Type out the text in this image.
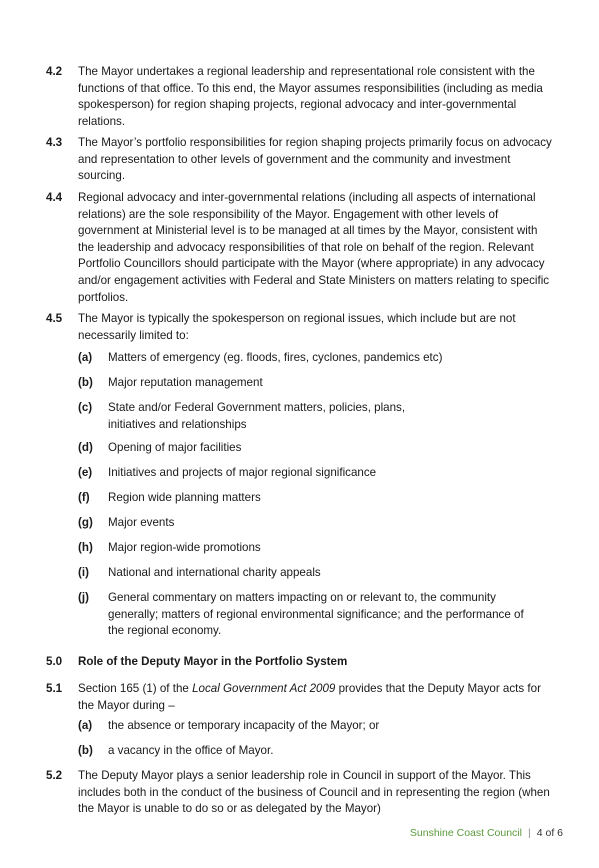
4.2	The Mayor undertakes a regional leadership and representational role consistent with the functions of that office. To this end, the Mayor assumes responsibilities (including as media spokesperson) for region shaping projects, regional advocacy and inter-governmental relations.
4.3	The Mayor’s portfolio responsibilities for region shaping projects primarily focus on advocacy and representation to other levels of government and the community and investment sourcing.
4.4	Regional advocacy and inter-governmental relations (including all aspects of international relations) are the sole responsibility of the Mayor. Engagement with other levels of government at Ministerial level is to be managed at all times by the Mayor, consistent with the leadership and advocacy responsibilities of that role on behalf of the region. Relevant Portfolio Councillors should participate with the Mayor (where appropriate) in any advocacy and/or engagement activities with Federal and State Ministers on matters relating to specific portfolios.
4.5	The Mayor is typically the spokesperson on regional issues, which include but are not necessarily limited to:
(a) Matters of emergency (eg. floods, fires, cyclones, pandemics etc)
(b) Major reputation management
(c) State and/or Federal Government matters, policies, plans, initiatives and relationships
(d) Opening of major facilities
(e) Initiatives and projects of major regional significance
(f) Region wide planning matters
(g) Major events
(h) Major region-wide promotions
(i) National and international charity appeals
(j) General commentary on matters impacting on or relevant to, the community generally; matters of regional environmental significance; and the performance of the regional economy.
5.0 Role of the Deputy Mayor in the Portfolio System
5.1	Section 165 (1) of the Local Government Act 2009 provides that the Deputy Mayor acts for the Mayor during –
(a) the absence or temporary incapacity of the Mayor; or
(b) a vacancy in the office of Mayor.
5.2	The Deputy Mayor plays a senior leadership role in Council in support of the Mayor. This includes both in the conduct of the business of Council and in representing the region (when the Mayor is unable to do so or as delegated by the Mayor)
Sunshine Coast Council | 4 of 6
